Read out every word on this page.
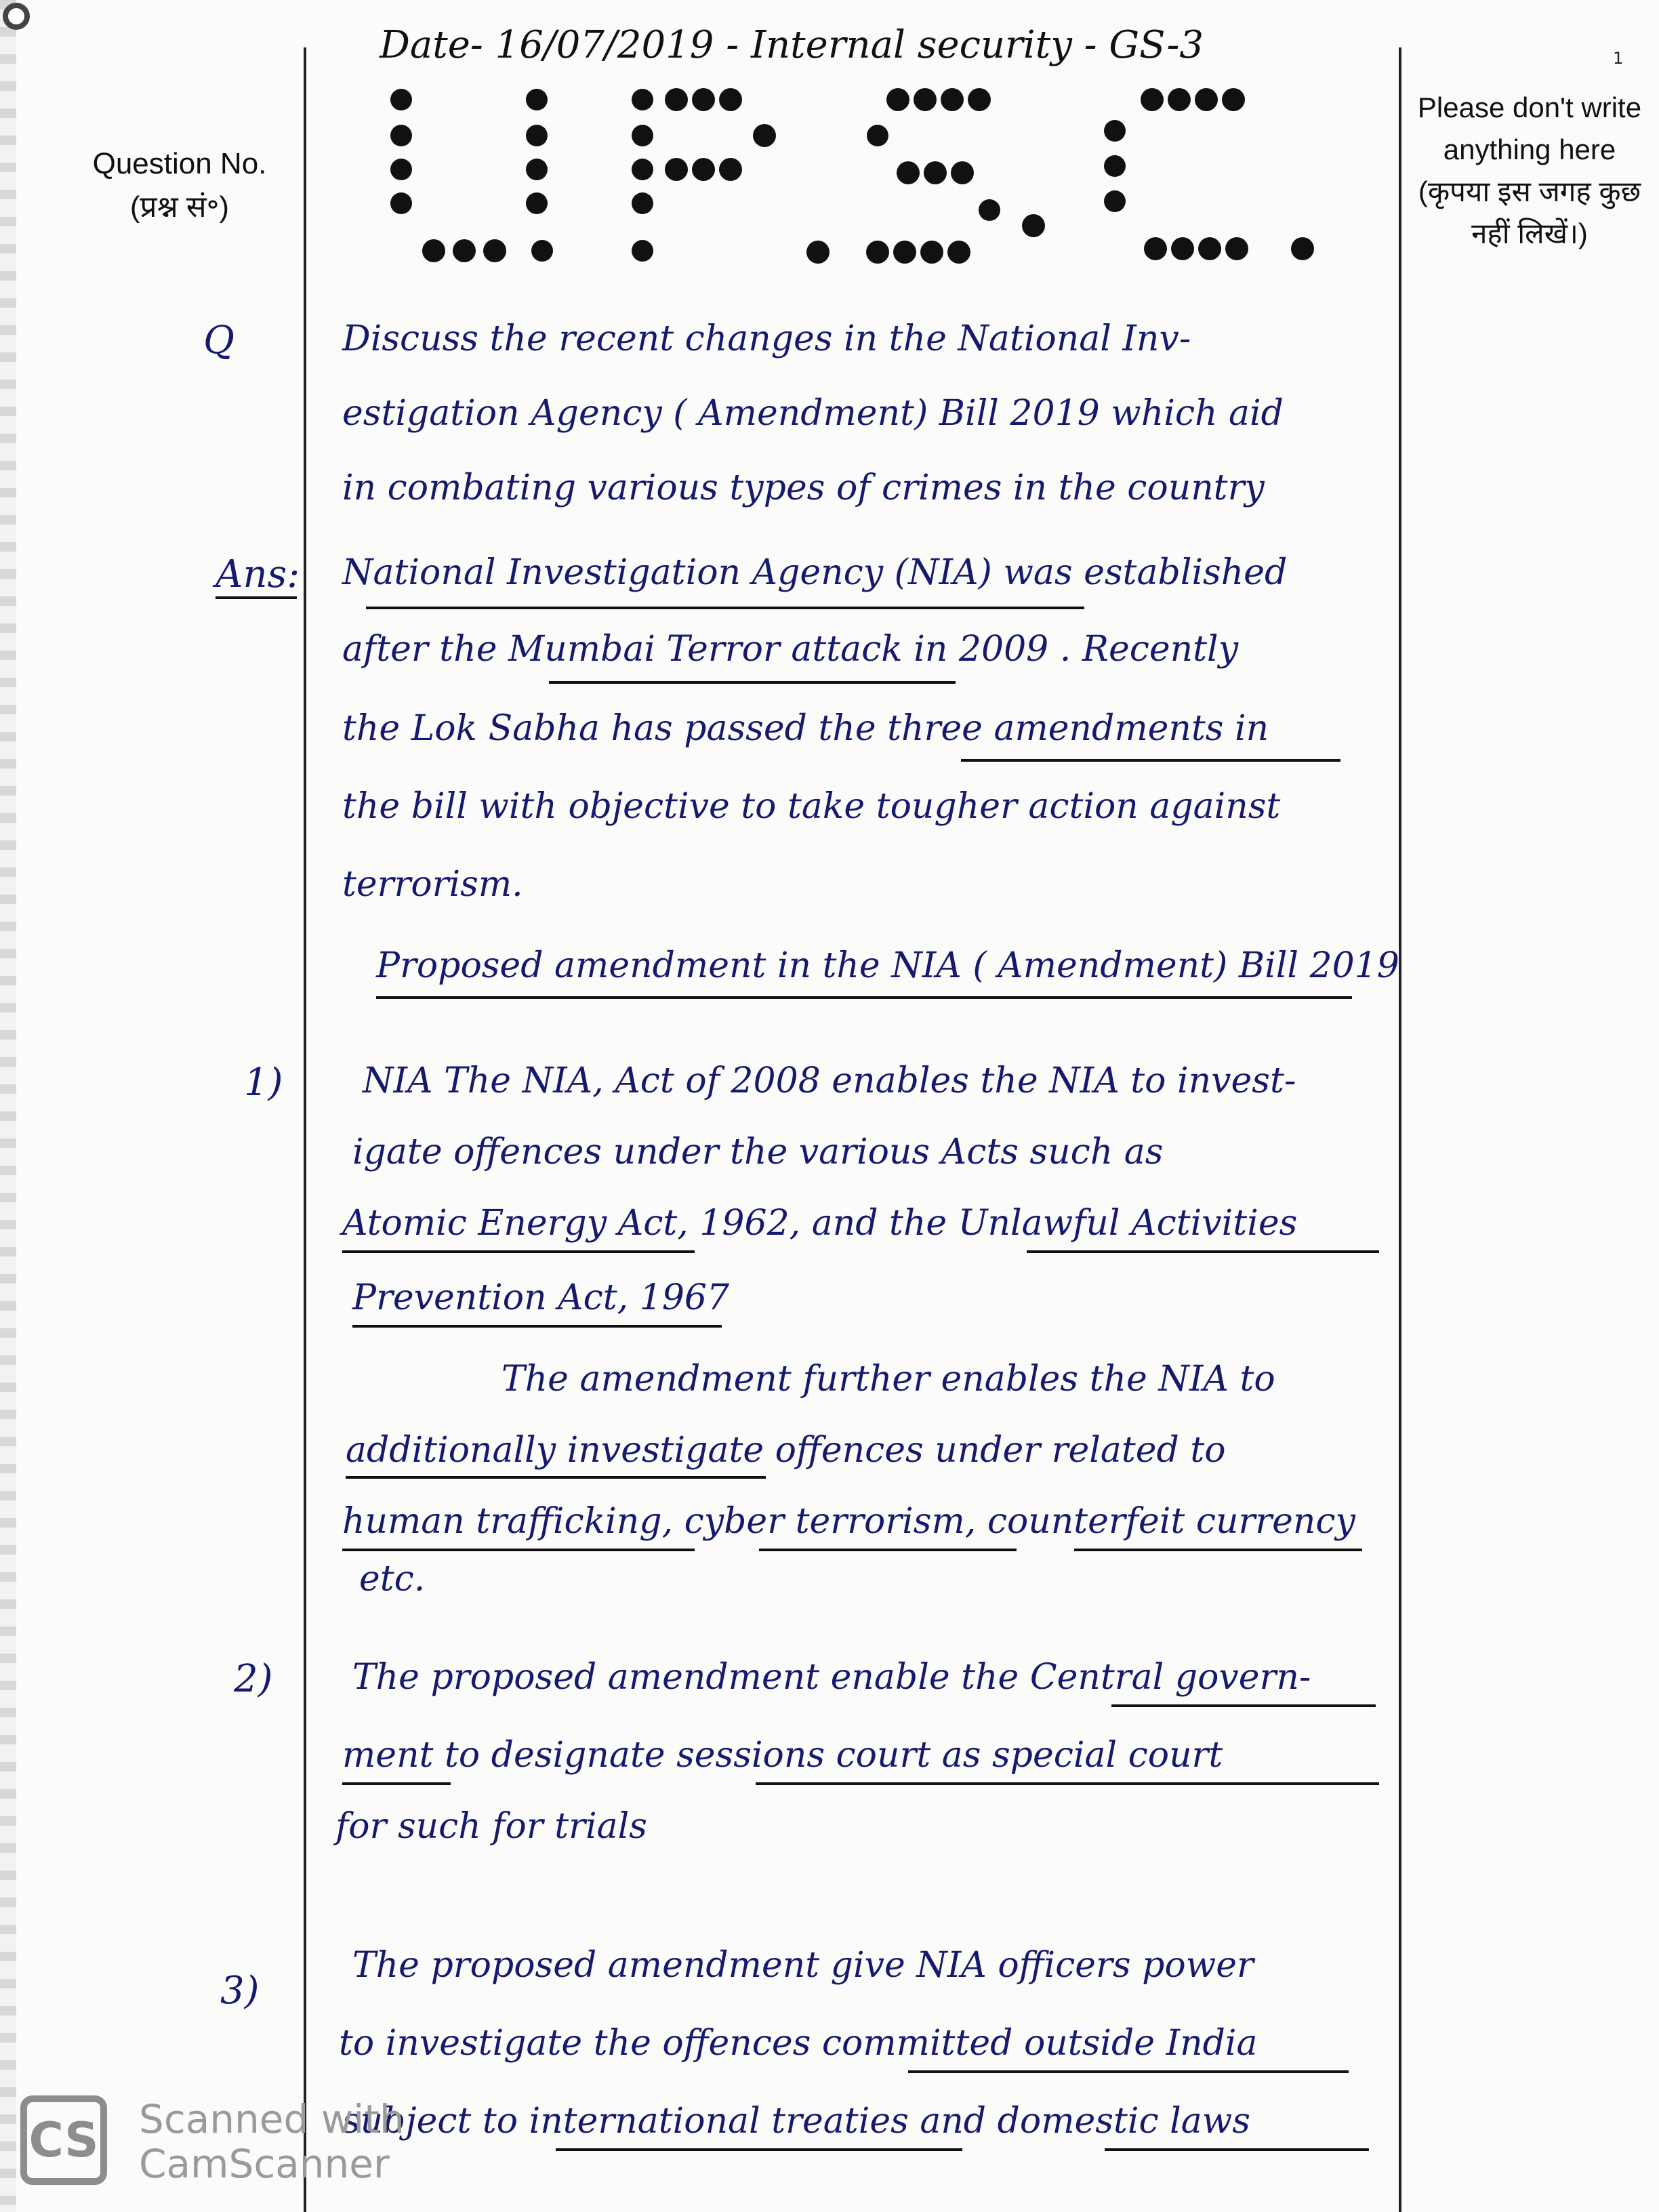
1
Question No.
(प्रश्न सं॰)
Please don't write anything here
(कृपया इस जगह कुछ नहीं लिखें।)
Date- 16/07/2019 - Internal security - GS-3
Q	Discuss the recent changes in the National Inv-
estigation Agency ( Amendment) Bill 2019 which aid
in combating various types of crimes in the country
Ans: National Investigation Agency (NIA) was established
after the Mumbai Terror attack in 2009 . Recently
the Lok Sabha has passed the three amendments in
the bill with objective to take tougher action against
terrorism.
Proposed amendment in the NIA ( Amendment) Bill 2019
1) NIA The NIA, Act of 2008 enables the NIA to invest-
igate offences under the various Acts such as
Atomic Energy Act, 1962, and the Unlawful Activities
Prevention Act, 1967
The amendment further enables the NIA to
additionally investigate offences under related to
human trafficking, cyber terrorism, counterfeit currency
etc.
2) The proposed amendment enable the Central govern-
ment to designate sessions court as special court
for such for trials
3)
The proposed amendment give NIA officers power
to investigate the offences committed outside India
subject to international treaties and domestic laws
CS Scanned with
CamScanner
